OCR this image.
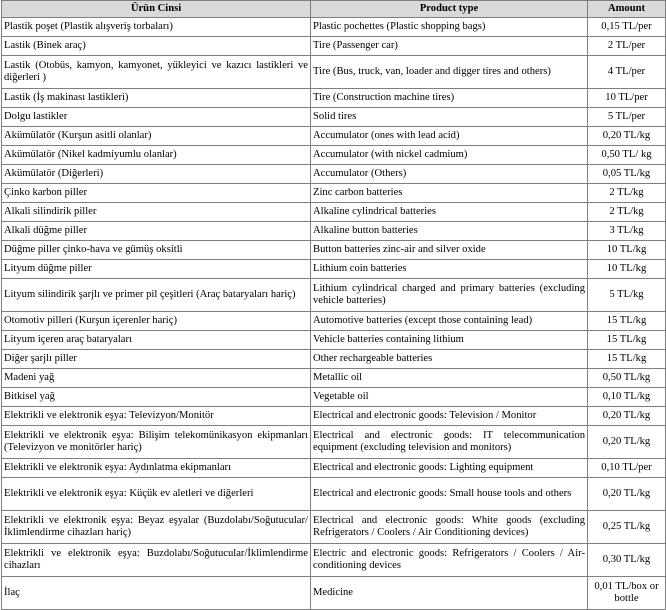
Ürün Cinsi	Product type	Amount
Plastik poşet (Plastik alışveriş torbaları)	Plastic pochettes (Plastic shopping bags)	0,15 TL/per
Lastik (Binek araç)	Tire (Passenger car)	2 TL/per
Lastik (Otobüs, kamyon, kamyonet, yükleyici ve kazıcı lastikleri ve diğerleri )	Tire (Bus, truck, van, loader and digger tires and others)	4 TL/per
Lastik (İş makinası lastikleri)	Tire (Construction machine tires)	10 TL/per
Dolgu lastikler	Solid tires	5 TL/per
Akümülatör (Kurşun asitli olanlar)	Accumulator (ones with lead acid)	0,20 TL/kg
Akümülatör (Nikel kadmiyumlu olanlar)	Accumulator (with nickel cadmium)	0,50 TL/ kg
Akümülatör (Diğerleri)	Accumulator (Others)	0,05 TL/kg
Çinko karbon piller	Zinc carbon batteries	2 TL/kg
Alkali silindirik piller	Alkaline cylindrical batteries	2 TL/kg
Alkali düğme piller	Alkaline button batteries	3 TL/kg
Düğme piller çinko-hava ve gümüş oksitli	Button batteries zinc-air and silver oxide	10 TL/kg
Lityum düğme piller	Lithium coin batteries	10 TL/kg
Lityum silindirik şarjlı ve primer pil çeşitleri (Araç bataryaları hariç)	Lithium cylindrical charged and primary batteries (excluding vehicle batteries)	5 TL/kg
Otomotiv pilleri (Kurşun içerenler hariç)	Automotive batteries (except those containing lead)	15 TL/kg
Lityum içeren araç bataryaları	Vehicle batteries containing lithium	15 TL/kg
Diğer şarjlı piller	Other rechargeable batteries	15 TL/kg
Madeni yağ	Metallic oil	0,50 TL/kg
Bitkisel yağ	Vegetable oil	0,10 TL/kg
Elektrikli ve elektronik eşya: Televizyon/Monitör	Electrical and electronic goods: Television / Monitor	0,20 TL/kg
Elektrikli ve elektronik eşya: Bilişim telekomünikasyon ekipmanları (Televizyon ve monitörler hariç)	Electrical and electronic goods: IT telecommunication equipment (excluding television and monitors)	0,20 TL/kg
Elektrikli ve elektronik eşya: Aydınlatma ekipmanları	Electrical and electronic goods: Lighting equipment	0,10 TL/per
Elektrikli ve elektronik eşya: Küçük ev aletleri ve diğerleri	Electrical and electronic goods: Small house tools and others	0,20 TL/kg
Elektrikli ve elektronik eşya: Beyaz eşyalar (Buzdolabı/Soğutucular/İklimlendirme cihazları hariç)	Electrical and electronic goods: White goods (excluding Refrigerators / Coolers / Air Conditioning devices)	0,25 TL/kg
Elektrikli ve elektronik eşya: Buzdolabı/Soğutucular/İklimlendirme cihazları	Electric and electronic goods: Refrigerators / Coolers / Air-conditioning devices	0,30 TL/kg
İlaç	Medicine	0,01 TL/box or bottle
